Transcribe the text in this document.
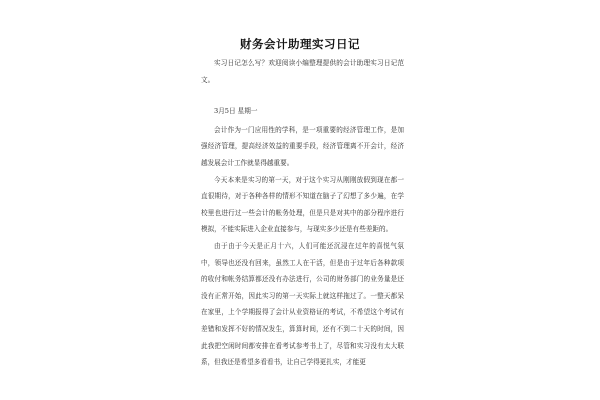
财务会计助理实习日记

实习日记怎么写？欢迎阅读小编整理提供的会计助理实习日记范文。

3月5日 星期一

会计作为一门应用性的学科，是一项重要的经济管理工作，是加强经济管理，提高经济效益的重要手段，经济管理离不开会计，经济越发展会计工作就显得越重要。

今天本来是实习的第一天，对于这个实习从刚刚放假到现在都一直很期待，对于各种各样的情形不知道在脑子了幻想了多少遍，在学校里也进行过一些会计的帐务处理，但是只是对其中的部分程序进行模拟，不能实际进入企业直接参与，与现实多少还是有些差距的。

由于由于今天是正月十六，人们可能还沉浸在过年的喜悦气氛中，领导也还没有回来，虽然工人在干活，但是由于过年后各种款项的收付和帐务结算都还没有办法进行，公司的财务部门的业务量是还没有正常开始，因此实习的第一天实际上就这样拖过了。一整天都呆在家里，上个学期报得了会计从业资格证的考试，不希望这个考试有差错和发挥不好的情况发生，算算时间，还有不到二十天的时间，因此我把空闲时间都安排在看考试参考书上了，尽管和实习没有太大联系，但我还是希望多看看书，让自己学得更扎实，才能更
